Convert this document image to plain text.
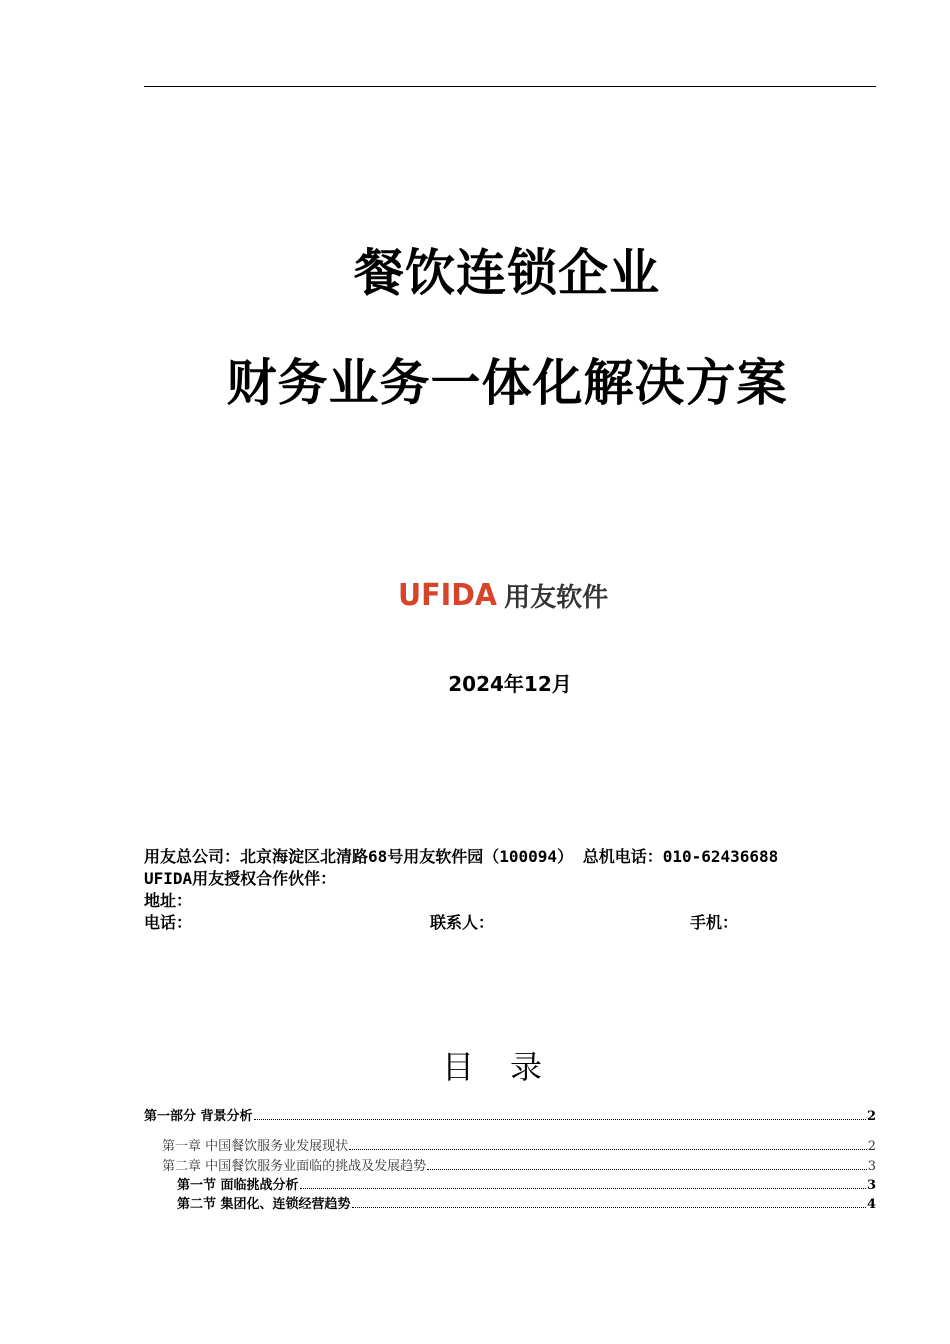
餐饮连锁企业
财务业务一体化解决方案
UFIDA 用友软件
2024年12月
用友总公司：北京海淀区北清路68号用友软件园（100094） 总机电话：010-62436688
UFIDA用友授权合作伙伴：
地址：
电话：	联系人：	手机：
目录
第一部分 背景分析	2
第一章 中国餐饮服务业发展现状	2
第二章 中国餐饮服务业面临的挑战及发展趋势	3
第一节 面临挑战分析	3
第二节 集团化、连锁经营趋势	4
